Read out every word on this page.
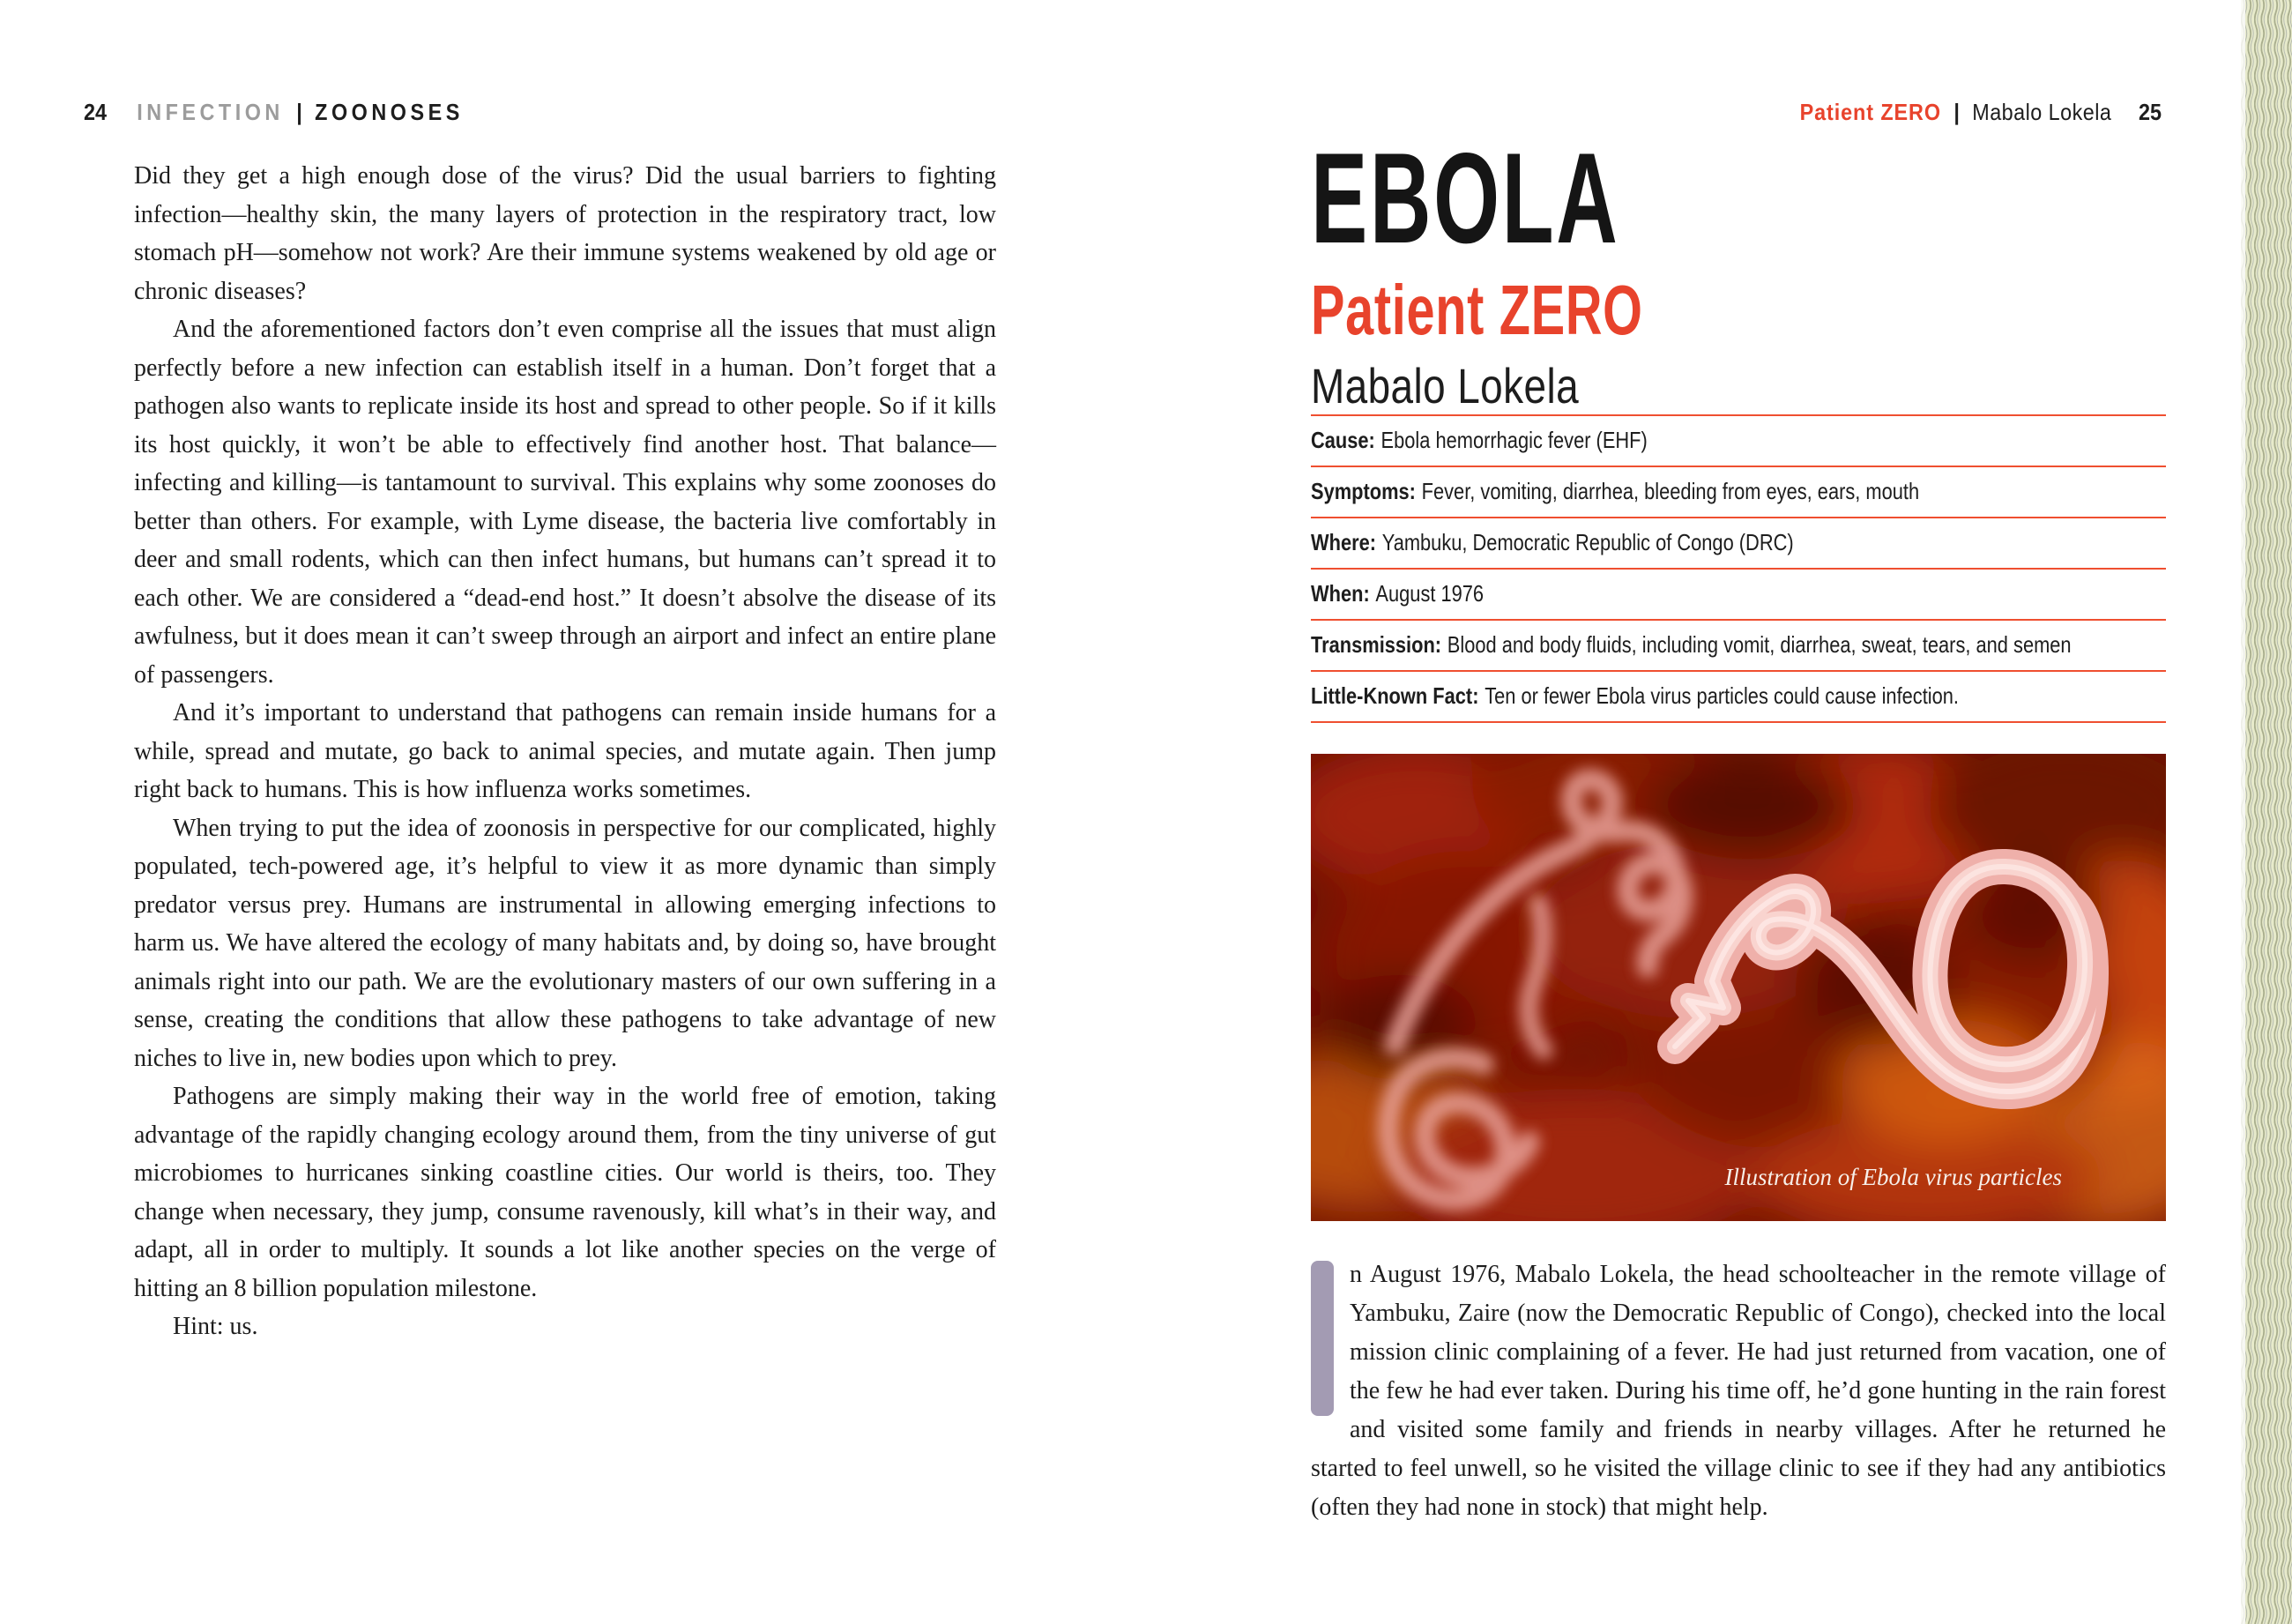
24 INFECTION | ZOONOSES

Did they get a high enough dose of the virus? Did the usual barriers to fighting infection—healthy skin, the many layers of protection in the respiratory tract, low stomach pH—somehow not work? Are their immune systems weakened by old age or chronic diseases?

And the aforementioned factors don’t even comprise all the issues that must align perfectly before a new infection can establish itself in a human. Don’t forget that a pathogen also wants to replicate inside its host and spread to other people. So if it kills its host quickly, it won’t be able to effectively find another host. That balance—infecting and killing—is tantamount to survival. This explains why some zoonoses do better than others. For example, with Lyme disease, the bacteria live comfortably in deer and small rodents, which can then infect humans, but humans can’t spread it to each other. We are considered a “dead-end host.” It doesn’t absolve the disease of its awfulness, but it does mean it can’t sweep through an airport and infect an entire plane of passengers.

And it’s important to understand that pathogens can remain inside humans for a while, spread and mutate, go back to animal species, and mutate again. Then jump right back to humans. This is how influenza works sometimes.

When trying to put the idea of zoonosis in perspective for our complicated, highly populated, tech-powered age, it’s helpful to view it as more dynamic than simply predator versus prey. Humans are instrumental in allowing emerging infections to harm us. We have altered the ecology of many habitats and, by doing so, have brought animals right into our path. We are the evolutionary masters of our own suffering in a sense, creating the conditions that allow these pathogens to take advantage of new niches to live in, new bodies upon which to prey.

Pathogens are simply making their way in the world free of emotion, taking advantage of the rapidly changing ecology around them, from the tiny universe of gut microbiomes to hurricanes sinking coastline cities. Our world is theirs, too. They change when necessary, they jump, consume ravenously, kill what’s in their way, and adapt, all in order to multiply. It sounds a lot like another species on the verge of hitting an 8 billion population milestone.

Hint: us.

Patient ZERO | Mabalo Lokela 25
EBOLA
Patient ZERO
Mabalo Lokela
Cause: Ebola hemorrhagic fever (EHF)
Symptoms: Fever, vomiting, diarrhea, bleeding from eyes, ears, mouth
Where: Yambuku, Democratic Republic of Congo (DRC)
When: August 1976
Transmission: Blood and body fluids, including vomit, diarrhea, sweat, tears, and semen
Little-Known Fact: Ten or fewer Ebola virus particles could cause infection.
Illustration of Ebola virus particles
n August 1976, Mabalo Lokela, the head schoolteacher in the remote village of Yambuku, Zaire (now the Democratic Republic of Congo), checked into the local mission clinic complaining of a fever. He had just returned from vacation, one of the few he had ever taken. During his time off, he’d gone hunting in the rain forest and visited some family and friends in nearby villages. After he returned he started to feel unwell, so he visited the village clinic to see if they had any antibiotics (often they had none in stock) that might help.
